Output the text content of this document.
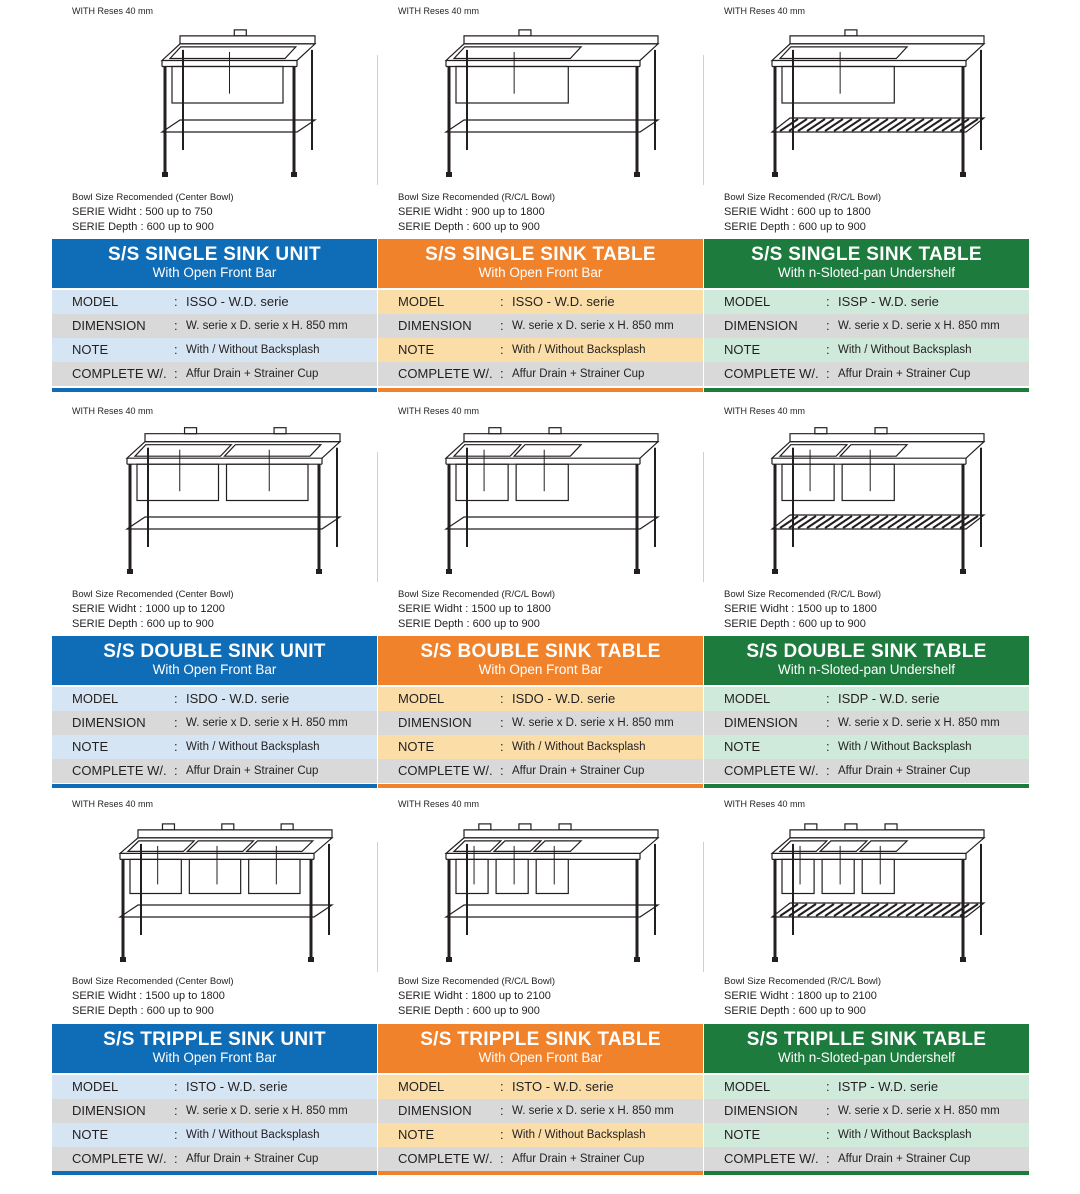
WITH Reses 40 mm
Bowl Size Recomended (Center Bowl)
SERIE Widht : 500 up to 750
SERIE Depth : 600 up to 900
S/S SINGLE SINK UNIT
With Open Front Bar
MODEL	: ISSO - W.D. serie
DIMENSION : W. serie x D. serie x H. 850 mm
NOTE	: With / Without Backsplash
COMPLETE W/. : Affur Drain + Strainer Cup
WITH Reses 40 mm
Bowl Size Recomended (R/C/L Bowl)
SERIE Widht : 900 up to 1800
SERIE Depth : 600 up to 900
S/S SINGLE SINK TABLE
With Open Front Bar
MODEL	: ISSO - W.D. serie
DIMENSION : W. serie x D. serie x H. 850 mm
NOTE	: With / Without Backsplash
COMPLETE W/. : Affur Drain + Strainer Cup
WITH Reses 40 mm
Bowl Size Recomended (R/C/L Bowl)
SERIE Widht : 600 up to 1800
SERIE Depth : 600 up to 900
S/S SINGLE SINK TABLE
With n-Sloted-pan Undershelf
MODEL	: ISSP - W.D. serie
DIMENSION : W. serie x D. serie x H. 850 mm
NOTE	: With / Without Backsplash
COMPLETE W/. : Affur Drain + Strainer Cup
WITH Reses 40 mm
Bowl Size Recomended (Center Bowl)
SERIE Widht : 1000 up to 1200
SERIE Depth : 600 up to 900
S/S DOUBLE SINK UNIT
With Open Front Bar
MODEL	: ISDO - W.D. serie
DIMENSION : W. serie x D. serie x H. 850 mm
NOTE	: With / Without Backsplash
COMPLETE W/. : Affur Drain + Strainer Cup
WITH Reses 40 mm
Bowl Size Recomended (R/C/L Bowl)
SERIE Widht : 1500 up to 1800
SERIE Depth : 600 up to 900
S/S BOUBLE SINK TABLE
With Open Front Bar
MODEL	: ISDO - W.D. serie
DIMENSION : W. serie x D. serie x H. 850 mm
NOTE	: With / Without Backsplash
COMPLETE W/. : Affur Drain + Strainer Cup
WITH Reses 40 mm
Bowl Size Recomended (R/C/L Bowl)
SERIE Widht : 1500 up to 1800
SERIE Depth : 600 up to 900
S/S DOUBLE SINK TABLE
With n-Sloted-pan Undershelf
MODEL	: ISDP - W.D. serie
DIMENSION : W. serie x D. serie x H. 850 mm
NOTE	: With / Without Backsplash
COMPLETE W/. : Affur Drain + Strainer Cup
WITH Reses 40 mm
Bowl Size Recomended (Center Bowl)
SERIE Widht : 1500 up to 1800
SERIE Depth : 600 up to 900
S/S TRIPPLE SINK UNIT
With Open Front Bar
MODEL	: ISTO - W.D. serie
DIMENSION : W. serie x D. serie x H. 850 mm
NOTE	: With / Without Backsplash
COMPLETE W/. : Affur Drain + Strainer Cup
WITH Reses 40 mm
Bowl Size Recomended (R/C/L Bowl)
SERIE Widht : 1800 up to 2100
SERIE Depth : 600 up to 900
S/S TRIPPLE SINK TABLE
With Open Front Bar
MODEL	: ISTO - W.D. serie
DIMENSION : W. serie x D. serie x H. 850 mm
NOTE	: With / Without Backsplash
COMPLETE W/. : Affur Drain + Strainer Cup
WITH Reses 40 mm
Bowl Size Recomended (R/C/L Bowl)
SERIE Widht : 1800 up to 2100
SERIE Depth : 600 up to 900
S/S TRIPLLE SINK TABLE
With n-Sloted-pan Undershelf
MODEL	: ISTP - W.D. serie
DIMENSION : W. serie x D. serie x H. 850 mm
NOTE	: With / Without Backsplash
COMPLETE W/. : Affur Drain + Strainer Cup
